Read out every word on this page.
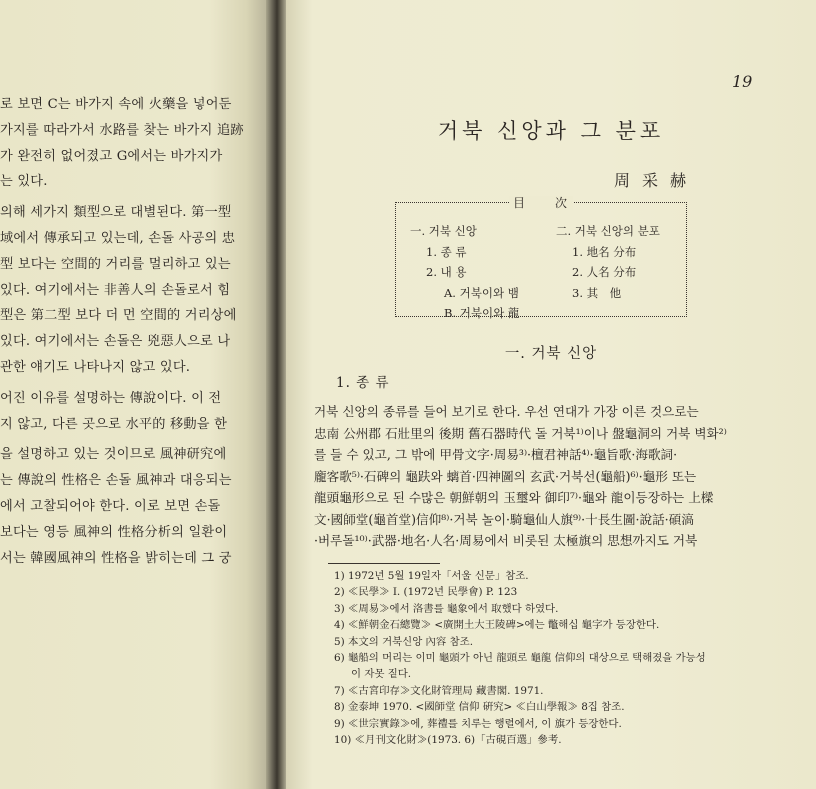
로 보면 C는 바가지 속에 火藥을 넣어둔
가지를 따라가서 水路를 찾는 바가지 追跡
가 완전히 없어졌고 G에서는 바가지가
는 있다.
의해 세가지 類型으로 대별된다. 第一型
域에서 傳承되고 있는데, 손돌 사공의 忠
型 보다는 空間的 거리를 멀리하고 있는
있다. 여기에서는 非善人의 손돌로서 힘
型은 第二型 보다 더 먼 空間的 거리상에
있다. 여기에서는 손돌은 兇惡人으로 나
관한 얘기도 나타나지 않고 있다.
어진 이유를 설명하는 傳說이다. 이 전
지 않고, 다른 곳으로 水平的 移動을 한
을 설명하고 있는 것이므로 風神研究에
는 傳說의 性格은 손돌 風神과 대응되는
에서 고찰되어야 한다. 이로 보면 손돌
보다는 영등 風神의 性格分析의 일환이
서는 韓國風神의 性格을 밝히는데 그 궁
19
거북 신앙과 그 분포
周采赫
目　　次
一. 거북 신앙
1. 종 류
2. 내 용
A. 거북이와 뱀
B. 거북이와 龍
二. 거북 신앙의 분포
1. 地名 分布
2. 人名 分布
3. 其　他
一. 거북 신앙
1. 종 류
거북 신앙의 종류를 들어 보기로 한다. 우선 연대가 가장 이른 것으로는
忠南 公州郡 石壯里의 後期 舊石器時代 돌 거북¹⁾이나 盤龜洞의 거북 벽화²⁾
를 들 수 있고, 그 밖에 甲骨文字·周易³⁾·檀君神話⁴⁾·龜旨歌·海歌詞·
龐客歌⁵⁾·石碑의 龜趺와 螭首·四神圖의 玄武·거북선(龜船)⁶⁾·龜形 또는
龍頭龜形으로 된 수많은 朝鮮朝의 玉璽와 御印⁷⁾·龜와 龍이등장하는 上樑
文·國師堂(龜首堂)信仰⁸⁾·거북 놀이·騎龜仙人旗⁹⁾·十長生圖·說話·碩滈
·버루돌¹⁰⁾·武器·地名·人名·周易에서 비롯된 太極旗의 思想까지도 거북
1) 1972년 5월 19일자「서울 신문」참조.
2) ≪民學≫ Ⅰ. (1972년 民學會) P. 123
3) ≪周易≫에서 洛書를 龜象에서 取했다 하였다.
4) ≪鮮朝金石總覽≫ <廣開土大王陵碑>에는 鼈해십 龜字가 등장한다.
5) 本文의 거북신앙 內容 참조.
6) 龜船의 머리는 이미 龜頭가 아닌 龍頭로 龜龍 信仰의 대상으로 택해졌을 가능성
이 자못 짙다.
7) ≪古宮印存≫文化財管理局 藏書閣. 1971.
8) 金泰坤 1970. <國師堂 信仰 硏究> ≪白山學報≫ 8집 참조.
9) ≪世宗實錄≫에, 葬禮를 치루는 행렬에서, 이 旗가 등장한다.
10) ≪月刊文化財≫(1973. 6)「古硯百選」參考.
